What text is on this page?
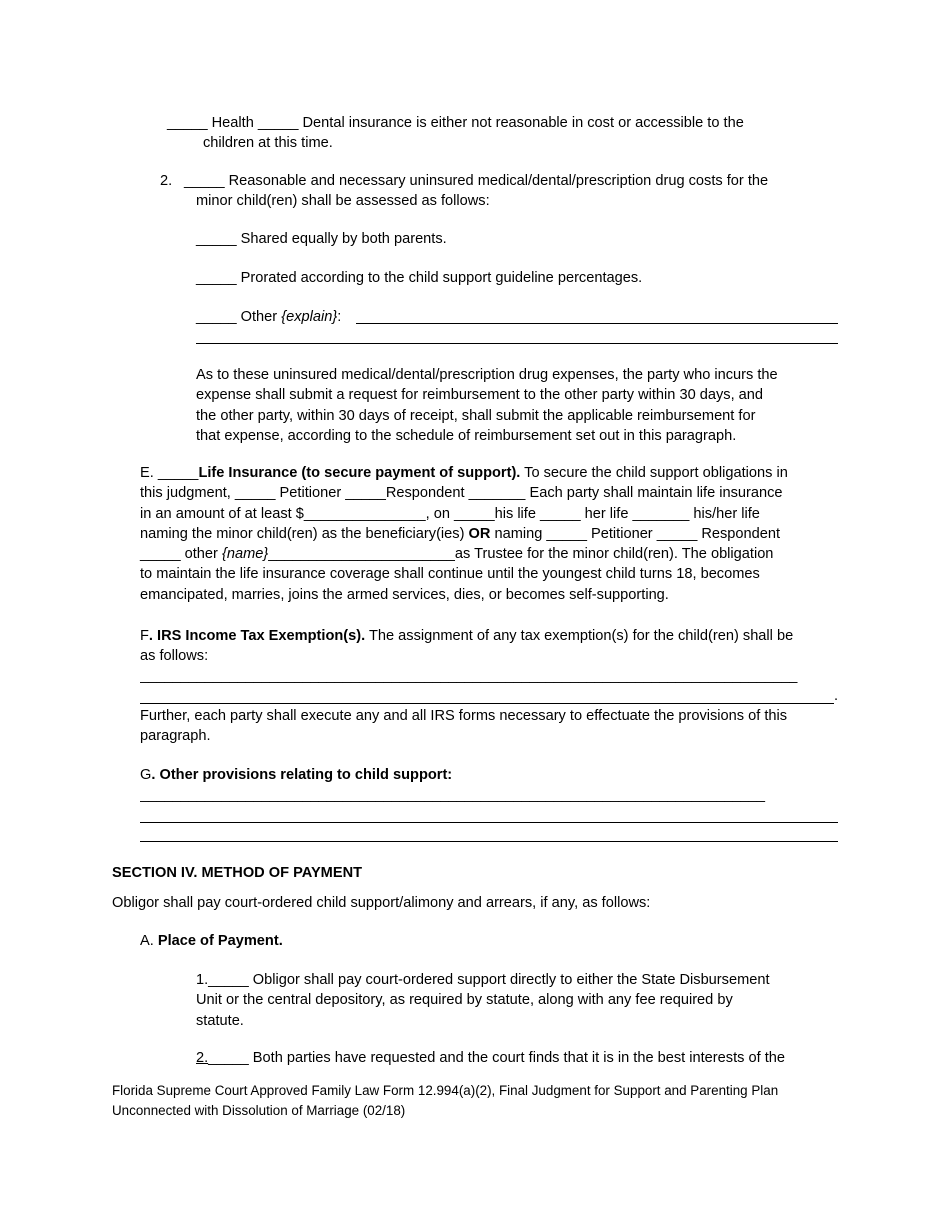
_____ Health _____ Dental insurance is either not reasonable in cost or accessible to the
children at this time.
2. _____ Reasonable and necessary uninsured medical/dental/prescription drug costs for the
minor child(ren) shall be assessed as follows:
_____ Shared equally by both parents.
_____ Prorated according to the child support guideline percentages.
_____ Other {explain}:
As to these uninsured medical/dental/prescription drug expenses, the party who incurs the
expense shall submit a request for reimbursement to the other party within 30 days, and
the other party, within 30 days of receipt, shall submit the applicable reimbursement for
that expense, according to the schedule of reimbursement set out in this paragraph.
E. _____Life Insurance (to secure payment of support). To secure the child support obligations in
this judgment, _____ Petitioner _____Respondent _______ Each party shall maintain life insurance
in an amount of at least $_______________, on _____his life _____ her life _______ his/her life
naming the minor child(ren) as the beneficiary(ies) OR naming _____ Petitioner _____ Respondent
_____ other {name}_______________________as Trustee for the minor child(ren). The obligation
to maintain the life insurance coverage shall continue until the youngest child turns 18, becomes
emancipated, marries, joins the armed services, dies, or becomes self-supporting.
F. IRS Income Tax Exemption(s). The assignment of any tax exemption(s) for the child(ren) shall be
as follows:
_________________________________________________________________________________
.
Further, each party shall execute any and all IRS forms necessary to effectuate the provisions of this
paragraph.
G. Other provisions relating to child support:
_____________________________________________________________________________
SECTION IV. METHOD OF PAYMENT
Obligor shall pay court-ordered child support/alimony and arrears, if any, as follows:
A. Place of Payment.
1._____ Obligor shall pay court-ordered support directly to either the State Disbursement
Unit or the central depository, as required by statute, along with any fee required by
statute.
2._____ Both parties have requested and the court finds that it is in the best interests of the
Florida Supreme Court Approved Family Law Form 12.994(a)(2), Final Judgment for Support and Parenting Plan
Unconnected with Dissolution of Marriage (02/18)
